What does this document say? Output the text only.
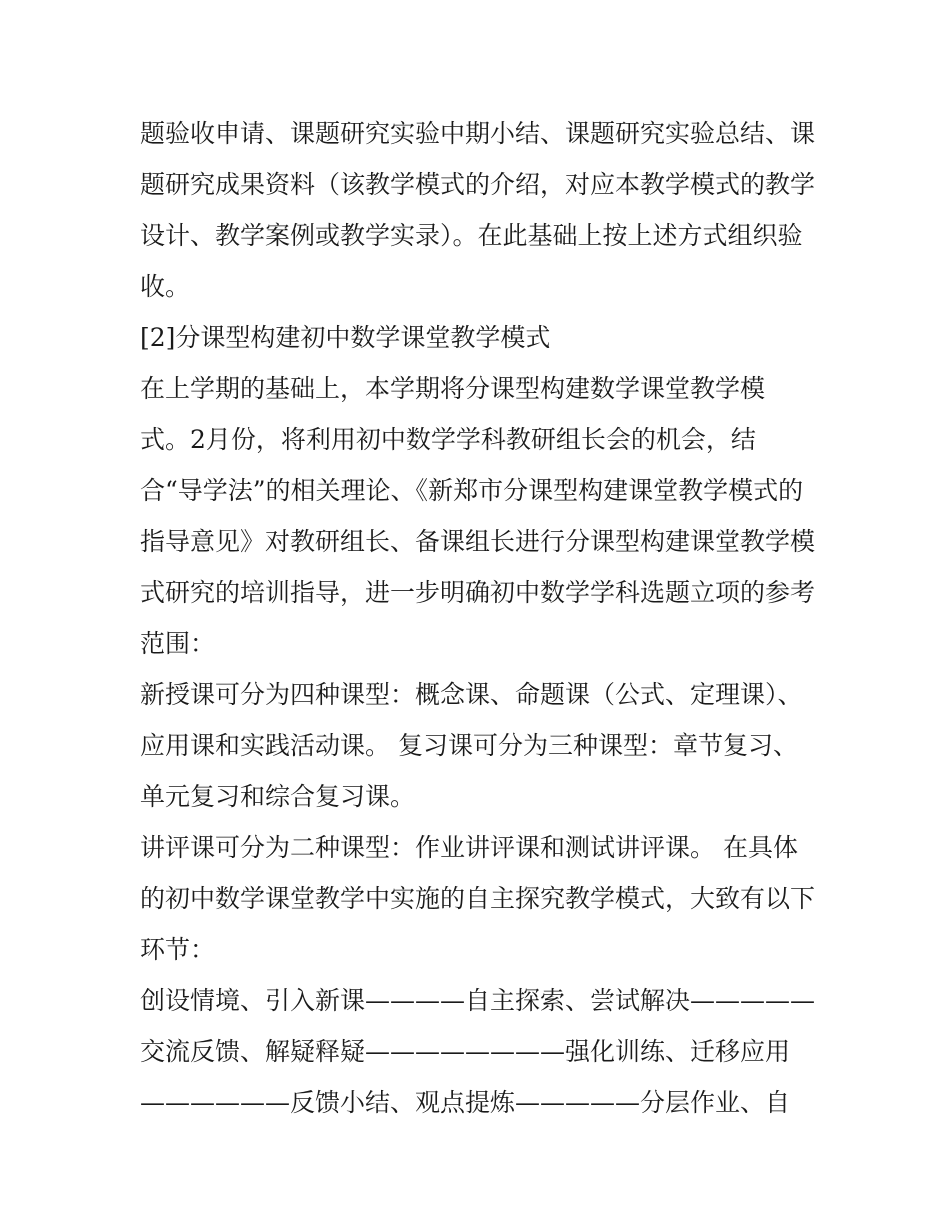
题验收申请、课题研究实验中期小结、课题研究实验总结、课
题研究成果资料（该教学模式的介绍，对应本教学模式的教学
设计、教学案例或教学实录）。在此基础上按上述方式组织验
收。
[2]分课型构建初中数学课堂教学模式
在上学期的基础上，本学期将分课型构建数学课堂教学模
式。2月份，将利用初中数学学科教研组长会的机会，结
合“导学法”的相关理论、《新郑市分课型构建课堂教学模式的
指导意见》对教研组长、备课组长进行分课型构建课堂教学模
式研究的培训指导，进一步明确初中数学学科选题立项的参考
范围：
新授课可分为四种课型：概念课、命题课（公式、定理课）、
应用课和实践活动课。 复习课可分为三种课型：章节复习、
单元复习和综合复习课。
讲评课可分为二种课型：作业讲评课和测试讲评课。 在具体
的初中数学课堂教学中实施的自主探究教学模式，大致有以下
环节：
创设情境、引入新课————自主探索、尝试解决—————
交流反馈、解疑释疑————————强化训练、迁移应用
——————反馈小结、观点提炼—————分层作业、自
